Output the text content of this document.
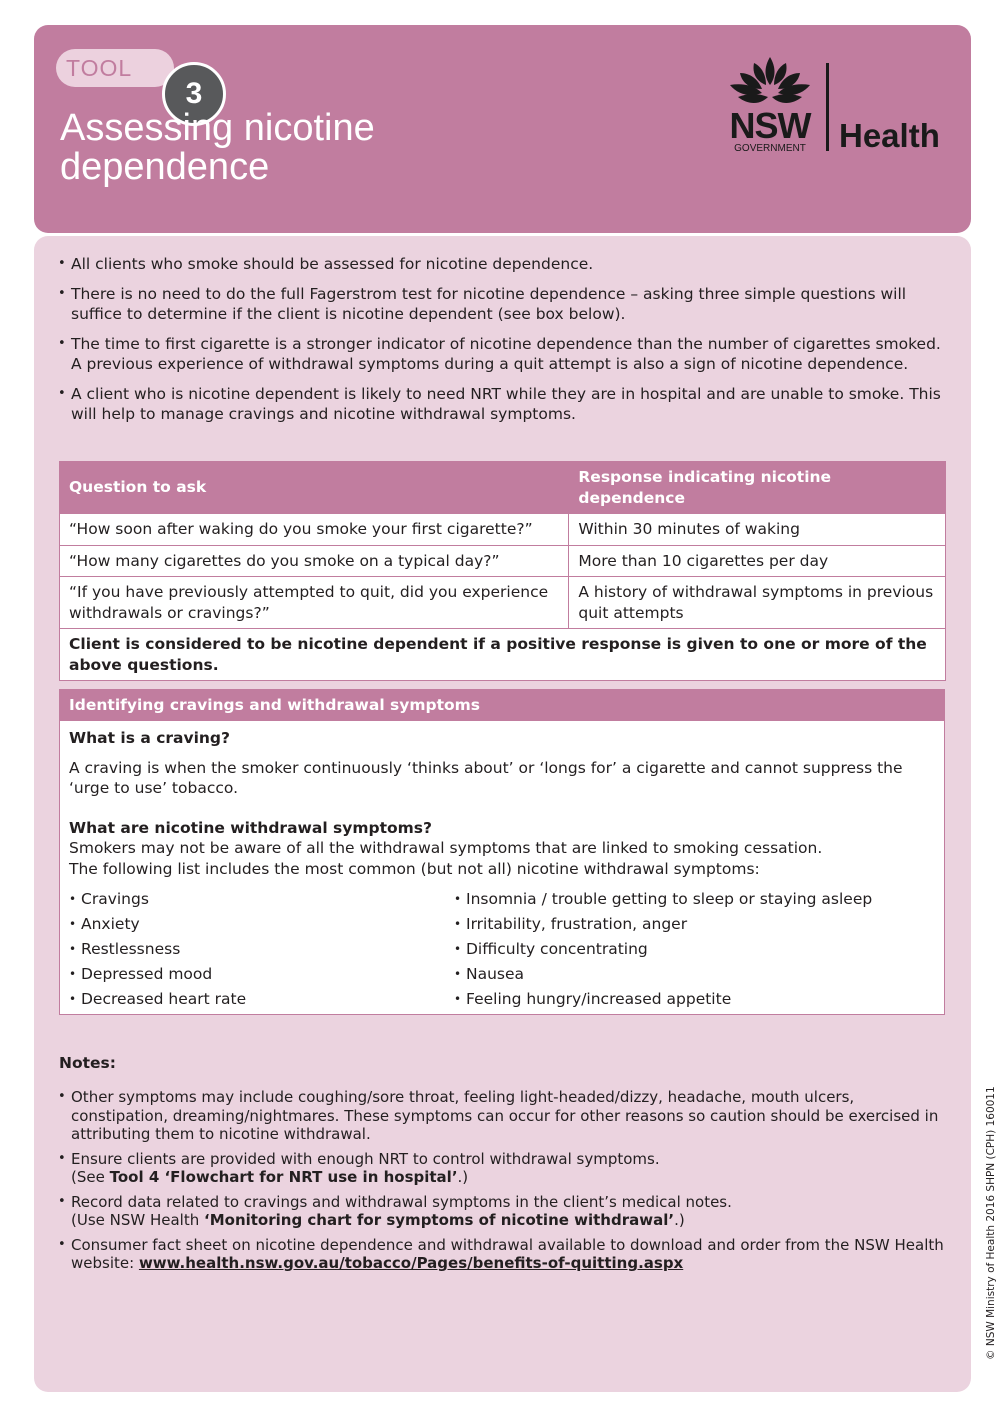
TOOL
3
Assessing nicotine dependence
NSW
GOVERNMENT	Health
• All clients who smoke should be assessed for nicotine dependence.
• There is no need to do the full Fagerstrom test for nicotine dependence – asking three simple questions will suffice to determine if the client is nicotine dependent (see box below).
• The time to first cigarette is a stronger indicator of nicotine dependence than the number of cigarettes smoked. A previous experience of withdrawal symptoms during a quit attempt is also a sign of nicotine dependence.
• A client who is nicotine dependent is likely to need NRT while they are in hospital and are unable to smoke. This will help to manage cravings and nicotine withdrawal symptoms.
Question to ask	Response indicating nicotine dependence
“How soon after waking do you smoke your first cigarette?”	Within 30 minutes of waking
“How many cigarettes do you smoke on a typical day?”	More than 10 cigarettes per day
“If you have previously attempted to quit, did you experience withdrawals or cravings?”	A history of withdrawal symptoms in previous quit attempts
Client is considered to be nicotine dependent if a positive response is given to one or more of the above questions.	
Identifying cravings and withdrawal symptoms
What is a craving?
A craving is when the smoker continuously ‘thinks about’ or ‘longs for’ a cigarette and cannot suppress the ‘urge to use’ tobacco.
What are nicotine withdrawal symptoms?
Smokers may not be aware of all the withdrawal symptoms that are linked to smoking cessation.
The following list includes the most common (but not all) nicotine withdrawal symptoms:
• Cravings
• Anxiety
• Restlessness
• Depressed mood
• Decreased heart rate
• Insomnia / trouble getting to sleep or staying asleep
• Irritability, frustration, anger
• Difficulty concentrating
• Nausea
• Feeling hungry/increased appetite
Notes:
• Other symptoms may include coughing/sore throat, feeling light-headed/dizzy, headache, mouth ulcers, constipation, dreaming/nightmares. These symptoms can occur for other reasons so caution should be exercised in attributing them to nicotine withdrawal.
• Ensure clients are provided with enough NRT to control withdrawal symptoms.
(See Tool 4 ‘Flowchart for NRT use in hospital’.)
• Record data related to cravings and withdrawal symptoms in the client’s medical notes.
(Use NSW Health ‘Monitoring chart for symptoms of nicotine withdrawal’.)
• Consumer fact sheet on nicotine dependence and withdrawal available to download and order from the NSW Health website: www.health.nsw.gov.au/tobacco/Pages/benefits-of-quitting.aspx	© NSW Ministry of Health 2016 SHPN (CPH) 160011
